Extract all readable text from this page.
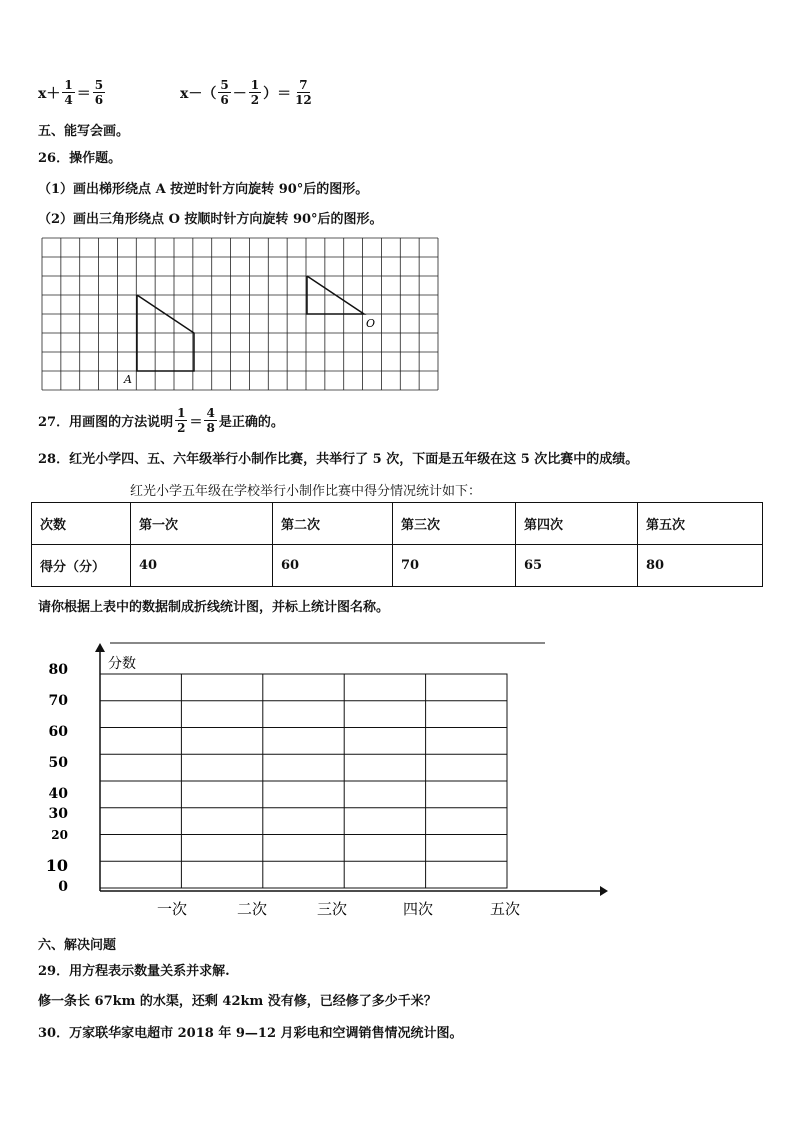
$x+ \frac{1}{4} = \frac{5}{6}$	x－ （ $\frac{5}{6} - \frac{1}{2}$ ） ＝ $\frac{7}{12}$
五、能写会画。
26．操作题。
（1）画出梯形绕点 A 按逆时针方向旋转 90°后的图形。
（2）画出三角形绕点 O 按顺时针方向旋转 90°后的图形。
A
O
27．用画图的方法说明 $\frac{1}{2} = \frac{4}{8}$ 是正确的。
28．红光小学四、五、六年级举行小制作比赛，共举行了 5 次，下面是五年级在这 5 次比赛中的成绩。
红光小学五年级在学校举行小制作比赛中得分情况统计如下：
次数	第一次	第二次	第三次	第四次	第五次
得分（分）	40	60	70	65	80
请你根据上表中的数据制成折线统计图，并标上统计图名称。
分数
80
70
60
50
40
30
20
10
0
一次	二次	三次	四次	五次
六、解决问题
29．用方程表示数量关系并求解.
修一条长 67km 的水渠，还剩 42km 没有修，已经修了多少千米？
30．万家联华家电超市 2018 年 9—12 月彩电和空调销售情况统计图。
